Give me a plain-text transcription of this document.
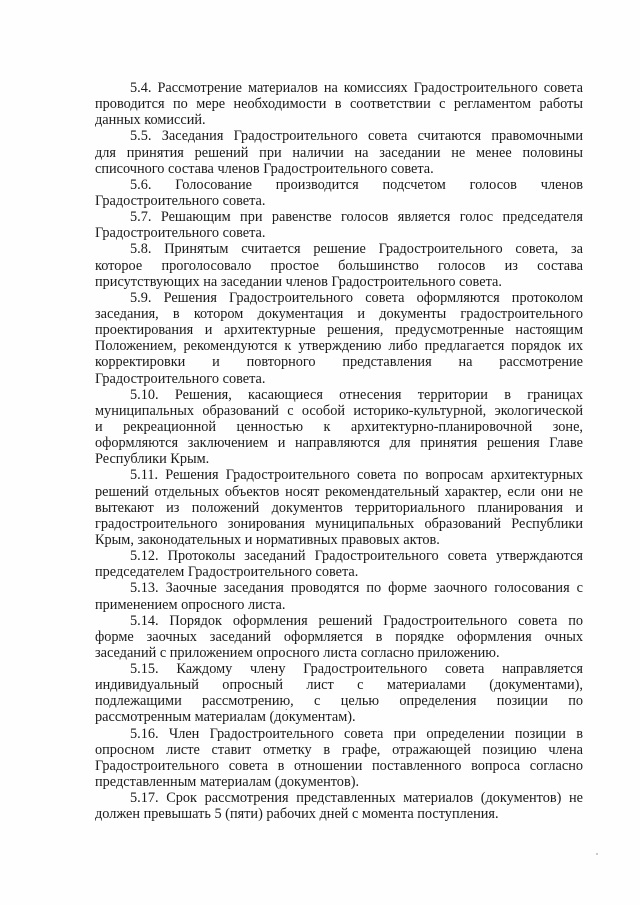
5.4. Рассмотрение материалов на комиссиях Градостроительного совета
проводится по мере необходимости в соответствии с регламентом работы
данных комиссий.
5.5. Заседания Градостроительного совета считаются правомочными
для принятия решений при наличии на заседании не менее половины
списочного состава членов Градостроительного совета.
5.6. Голосование производится подсчетом голосов членов
Градостроительного совета.
5.7. Решающим при равенстве голосов является голос председателя
Градостроительного совета.
5.8. Принятым считается решение Градостроительного совета, за
которое проголосовало простое большинство голосов из состава
присутствующих на заседании членов Градостроительного совета.
5.9. Решения Градостроительного совета оформляются протоколом
заседания, в котором документация и документы градостроительного
проектирования и архитектурные решения, предусмотренные настоящим
Положением, рекомендуются к утверждению либо предлагается порядок их
корректировки и повторного представления на рассмотрение
Градостроительного совета.
5.10. Решения, касающиеся отнесения территории в границах
муниципальных образований с особой историко-культурной, экологической
и рекреационной ценностью к архитектурно-планировочной зоне,
оформляются заключением и направляются для принятия решения Главе
Республики Крым.
5.11. Решения Градостроительного совета по вопросам архитектурных
решений отдельных объектов носят рекомендательный характер, если они не
вытекают из положений документов территориального планирования и
градостроительного зонирования муниципальных образований Республики
Крым, законодательных и нормативных правовых актов.
5.12. Протоколы заседаний Градостроительного совета утверждаются
председателем Градостроительного совета.
5.13. Заочные заседания проводятся по форме заочного голосования с
применением опросного листа.
5.14. Порядок оформления решений Градостроительного совета по
форме заочных заседаний оформляется в порядке оформления очных
заседаний с приложением опросного листа согласно приложению.
5.15. Каждому члену Градостроительного совета направляется
индивидуальный опросный лист с материалами (документами),
подлежащими рассмотрению, с целью определения позиции по
рассмотренным материалам (до́кументам).
5.16. Член Градостроительного совета при определении позиции в
опросном листе ставит отметку в графе, отражающей позицию члена
Градостроительного совета в отношении поставленного вопроса согласно
представленным материалам (документов).
5.17. Срок рассмотрения представленных материалов (документов) не
должен превышать 5 (пяти) рабочих дней с момента поступления.
